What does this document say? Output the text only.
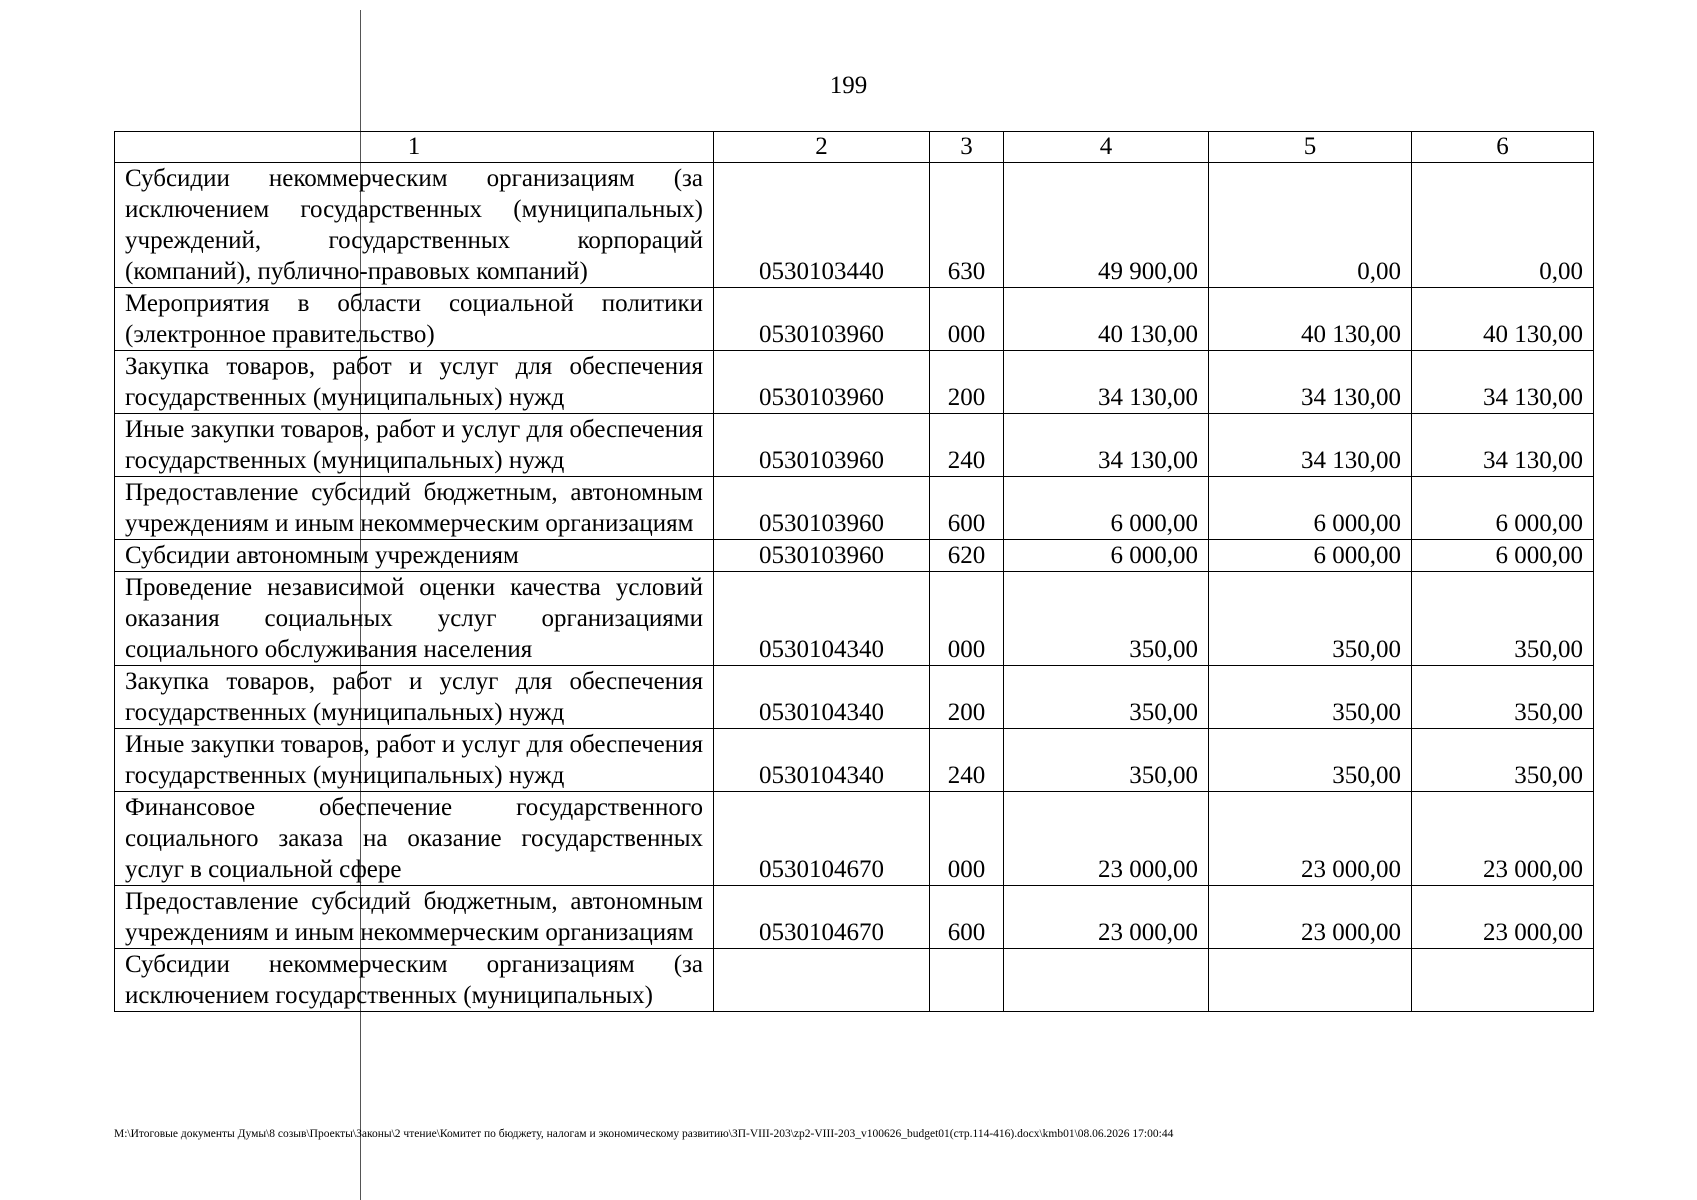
199
1	2	3	4	5	6
Субсидии некоммерческим организациям (за исключением государственных (муниципальных) учреждений, государственных корпораций (компаний), публично-правовых компаний)	0530103440	630	49 900,00	0,00	0,00
Мероприятия в области социальной политики (электронное правительство)	0530103960	000	40 130,00	40 130,00	40 130,00
Закупка товаров, работ и услуг для обеспечения государственных (муниципальных) нужд	0530103960	200	34 130,00	34 130,00	34 130,00
Иные закупки товаров, работ и услуг для обеспечения государственных (муниципальных) нужд	0530103960	240	34 130,00	34 130,00	34 130,00
Предоставление субсидий бюджетным, автономным учреждениям и иным некоммерческим организациям	0530103960	600	6 000,00	6 000,00	6 000,00
Субсидии автономным учреждениям	0530103960	620	6 000,00	6 000,00	6 000,00
Проведение независимой оценки качества условий оказания социальных услуг организациями социального обслуживания населения	0530104340	000	350,00	350,00	350,00
Закупка товаров, работ и услуг для обеспечения государственных (муниципальных) нужд	0530104340	200	350,00	350,00	350,00
Иные закупки товаров, работ и услуг для обеспечения государственных (муниципальных) нужд	0530104340	240	350,00	350,00	350,00
Финансовое обеспечение государственного социального заказа на оказание государственных услуг в социальной сфере	0530104670	000	23 000,00	23 000,00	23 000,00
Предоставление субсидий бюджетным, автономным учреждениям и иным некоммерческим организациям	0530104670	600	23 000,00	23 000,00	23 000,00
Субсидии некоммерческим организациям (за исключением государственных (муниципальных)					
M:\Итоговые документы Думы\8 созыв\Проекты\Законы\2 чтение\Комитет по бюджету, налогам и экономическому развитию\ЗП-VIII-203\zp2-VIII-203_v100626_budget01(стр.114-416).docx\kmb01\08.06.2026 17:00:44
